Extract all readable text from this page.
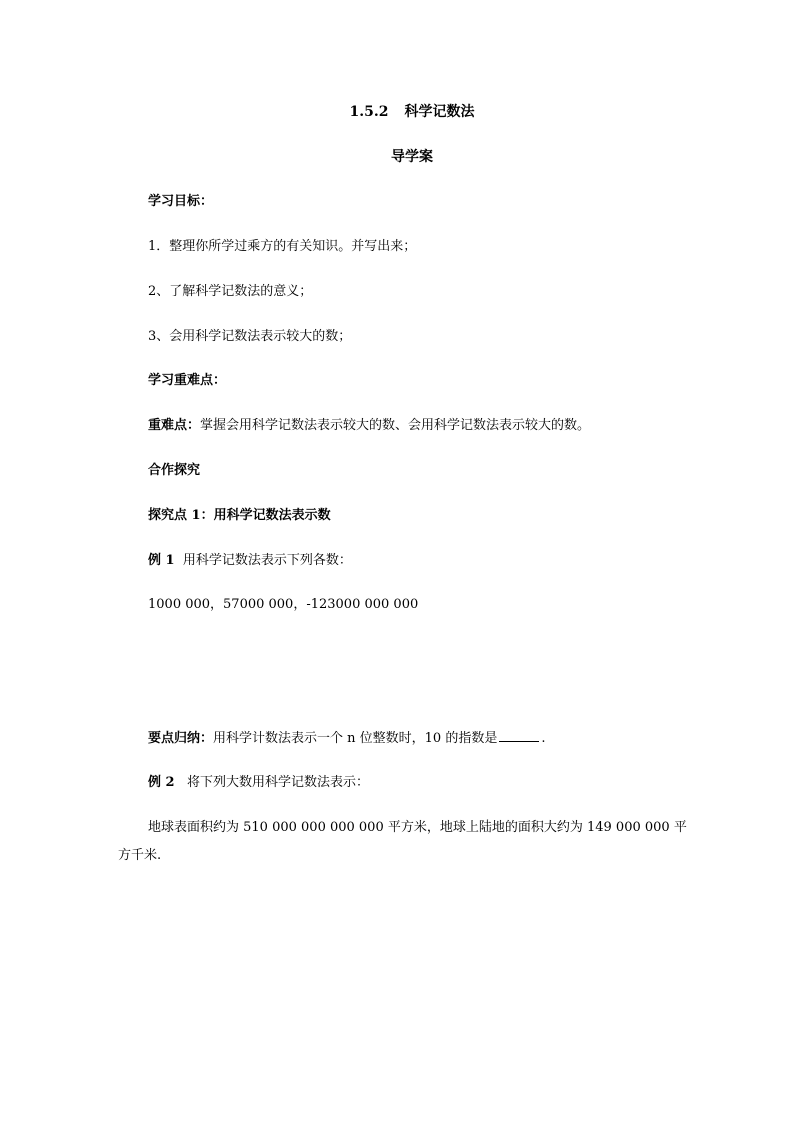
1.5.2 科学记数法
导学案
学习目标：
1．整理你所学过乘方的有关知识。并写出来；
2、了解科学记数法的意义；
3、会用科学记数法表示较大的数；
学习重难点：
重难点：掌握会用科学记数法表示较大的数、会用科学记数法表示较大的数。
合作探究
探究点 1：用科学记数法表示数
例 1 用科学记数法表示下列各数：
1000 000，57000 000，-123000 000 000
要点归纳：用科学计数法表示一个 n 位整数时，10 的指数是	.
例 2 将下列大数用科学记数法表示：
地球表面积约为 510 000 000 000 000 平方米，地球上陆地的面积大约为 149 000 000 平方千米.
